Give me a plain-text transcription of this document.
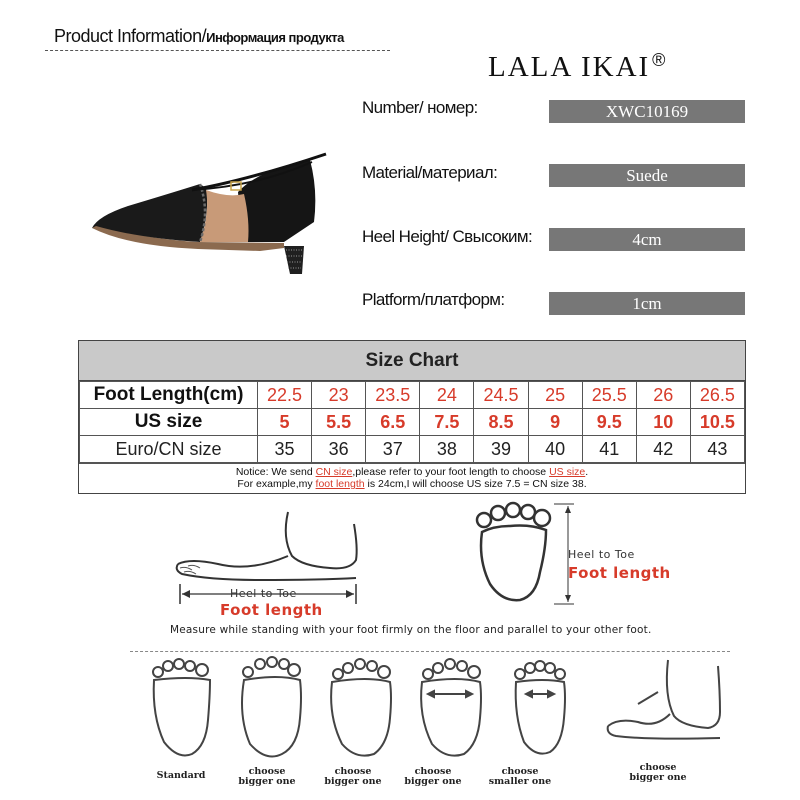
Product Information/Информация продукта
LALA IKAI ®
Number/ номер:	XWC10169
Material/материал:	Suede
Heel Height/ Свысоким:	4cm
Platform/платформ:	1cm
Size Chart
Foot Length(cm)	22.5	23	23.5	24	24.5	25	25.5	26	26.5
US size	5	5.5	6.5	7.5	8.5	9	9.5	10	10.5
Euro/CN size	35	36	37	38	39	40	41	42	43
Notice: We send CN size,please refer to your foot length to choose US size.
For example,my foot length is 24cm,I will choose US size 7.5 = CN size 38.
Heel to Toe
Foot length
Heel to Toe
Foot length
Measure while standing with your foot firmly on the floor and parallel to your other foot.
Standard	choose
bigger one
choose
bigger one
choose
bigger one
choose
smaller one
choose
bigger one
